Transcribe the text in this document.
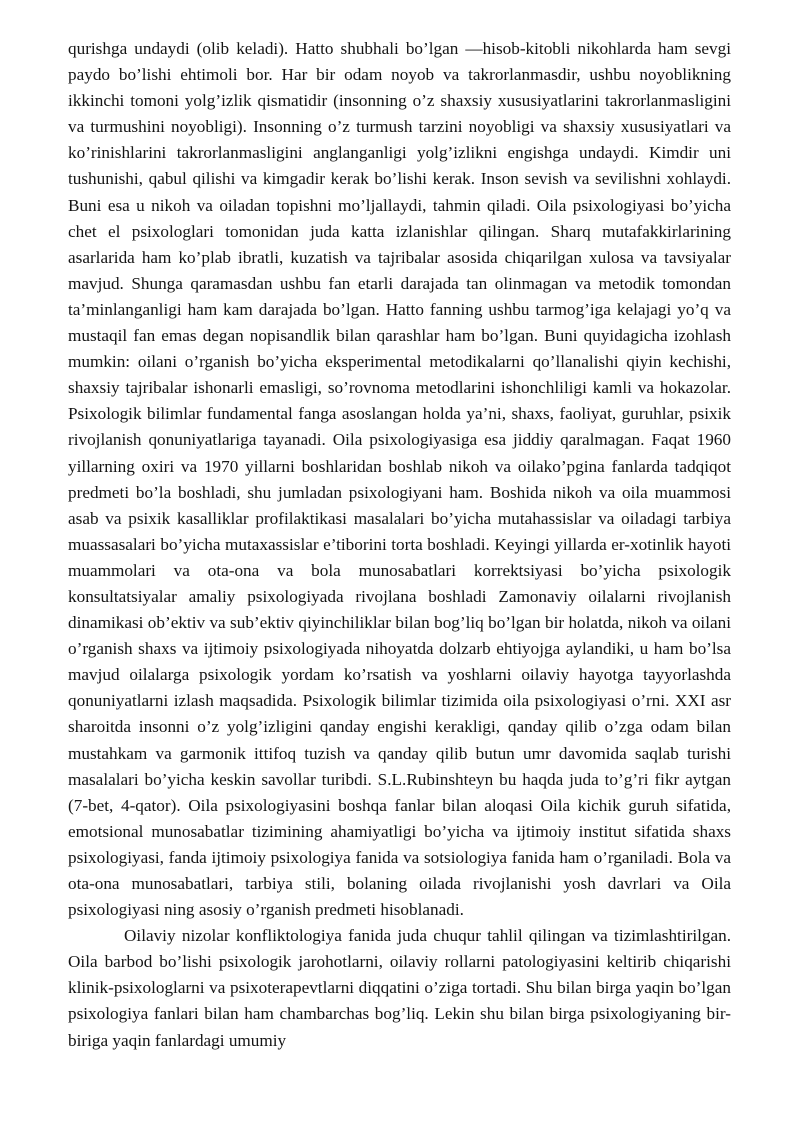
qurishga undaydi (olib keladi). Hatto shubhali bo’lgan —hisob-kitobli nikohlarda ham sevgi paydo bo’lishi ehtimoli bor. Har bir odam noyob va takrorlanmasdir, ushbu noyoblikning ikkinchi tomoni yolg’izlik qismatidir (insonning o’z shaxsiy xususiyatlarini takrorlanmasligini va turmushini noyobligi). Insonning o’z turmush tarzini noyobligi va shaxsiy xususiyatlari va ko’rinishlarini takrorlanmasligini anglanganligi yolg’izlikni engishga undaydi. Kimdir uni tushunishi, qabul qilishi va kimgadir kerak bo’lishi kerak. Inson sevish va sevilishni xohlaydi. Buni esa u nikoh va oiladan topishni mo’ljallaydi, tahmin qiladi. Oila psixologiyasi bo’yicha chet el psixologlari tomonidan juda katta izlanishlar qilingan. Sharq mutafakkirlarining asarlarida ham ko’plab ibratli, kuzatish va tajribalar asosida chiqarilgan xulosa va tavsiyalar mavjud. Shunga qaramasdan ushbu fan etarli darajada tan olinmagan va metodik tomondan ta’minlanganligi ham kam darajada bo’lgan. Hatto fanning ushbu tarmog’iga kelajagi yo’q va mustaqil fan emas degan nopisandlik bilan qarashlar ham bo’lgan. Buni quyidagicha izohlash mumkin: oilani o’rganish bo’yicha eksperimental metodikalarni qo’llanalishi qiyin kechishi, shaxsiy tajribalar ishonarli emasligi, so’rovnoma metodlarini ishonchliligi kamli va hokazolar. Psixologik bilimlar fundamental fanga asoslangan holda ya’ni, shaxs, faoliyat, guruhlar, psixik rivojlanish qonuniyatlariga tayanadi. Oila psixologiyasiga esa jiddiy qaralmagan. Faqat 1960 yillarning oxiri va 1970 yillarni boshlaridan boshlab nikoh va oilako’pgina fanlarda tadqiqot predmeti bo’la boshladi, shu jumladan psixologiyani ham. Boshida nikoh va oila muammosi asab va psixik kasalliklar profilaktikasi masalalari bo’yicha mutahassislar va oiladagi tarbiya muassasalari bo’yicha mutaxassislar e’tiborini torta boshladi. Keyingi yillarda er-xotinlik hayoti muammolari va ota-ona va bola munosabatlari korrektsiyasi bo’yicha psixologik konsultatsiyalar amaliy psixologiyada rivojlana boshladi Zamonaviy oilalarni rivojlanish dinamikasi ob’ektiv va sub’ektiv qiyinchiliklar bilan bog’liq bo’lgan bir holatda, nikoh va oilani o’rganish shaxs va ijtimoiy psixologiyada nihoyatda dolzarb ehtiyojga aylandiki, u ham bo’lsa mavjud oilalarga psixologik yordam ko’rsatish va yoshlarni oilaviy hayotga tayyorlashda qonuniyatlarni izlash maqsadida. Psixologik bilimlar tizimida oila psixologiyasi o’rni. XXI asr sharoitda insonni o’z yolg’izligini qanday engishi kerakligi, qanday qilib o’zga odam bilan mustahkam va garmonik ittifoq tuzish va qanday qilib butun umr davomida saqlab turishi masalalari bo’yicha keskin savollar turibdi. S.L.Rubinshteyn bu haqda juda to’g’ri fikr aytgan (7-bet, 4-qator). Oila psixologiyasini boshqa fanlar bilan aloqasi Oila kichik guruh sifatida, emotsional munosabatlar tizimining ahamiyatligi bo’yicha va ijtimoiy institut sifatida shaxs psixologiyasi, fanda ijtimoiy psixologiya fanida va sotsiologiya fanida ham o’rganiladi. Bola va ota-ona munosabatlari, tarbiya stili, bolaning oilada rivojlanishi yosh davrlari va Oila psixologiyasi ning asosiy o’rganish predmeti hisoblanadi.

Oilaviy nizolar konfliktologiya fanida juda chuqur tahlil qilingan va tizimlashtirilgan. Oila barbod bo’lishi psixologik jarohotlarni, oilaviy rollarni patologiyasini keltirib chiqarishi klinik-psixologlarni va psixoterapevtlarni diqqatini o’ziga tortadi. Shu bilan birga yaqin bo’lgan psixologiya fanlari bilan ham chambarchas bog’liq. Lekin shu bilan birga psixologiyaning bir-biriga yaqin fanlardagi umumiy
